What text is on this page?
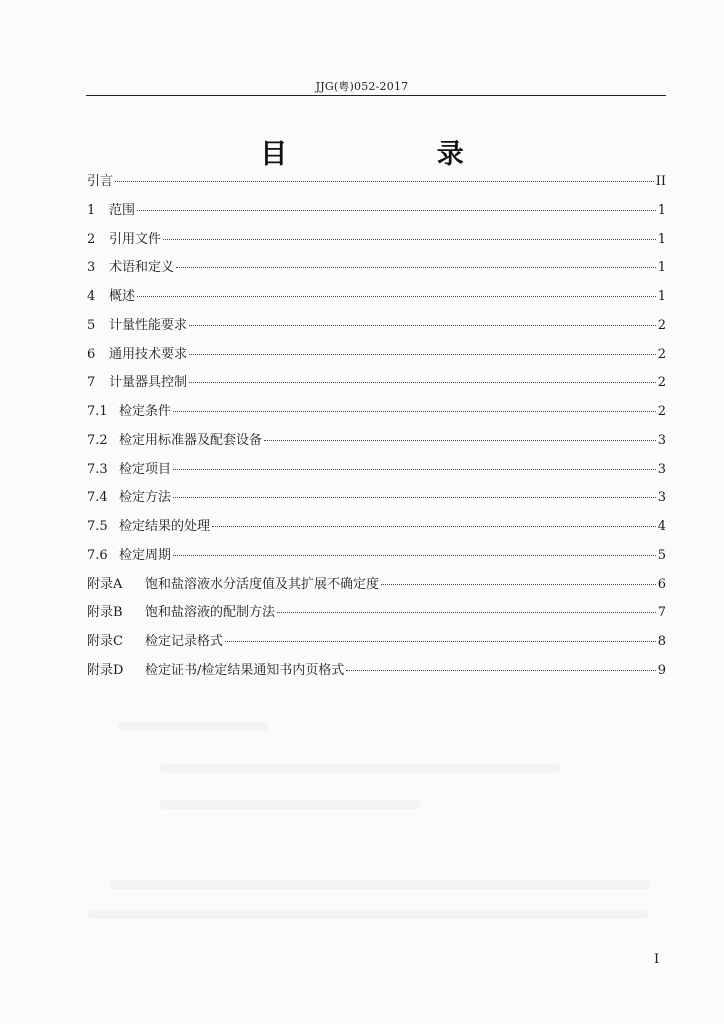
JJG(粤)052-2017
目 录
引言	II
1	范围	1
2	引用文件	1
3	术语和定义	1
4	概述	1
5	计量性能要求	2
6	通用技术要求	2
7	计量器具控制	2
7.1 检定条件	2
7.2 检定用标准器及配套设备	3
7.3 检定项目	3
7.4 检定方法	3
7.5 检定结果的处理	4
7.6 检定周期	5
附录A	饱和盐溶液水分活度值及其扩展不确定度	6
附录B	饱和盐溶液的配制方法	7
附录C	检定记录格式	8
附录D	检定证书/检定结果通知书内页格式	9
I
